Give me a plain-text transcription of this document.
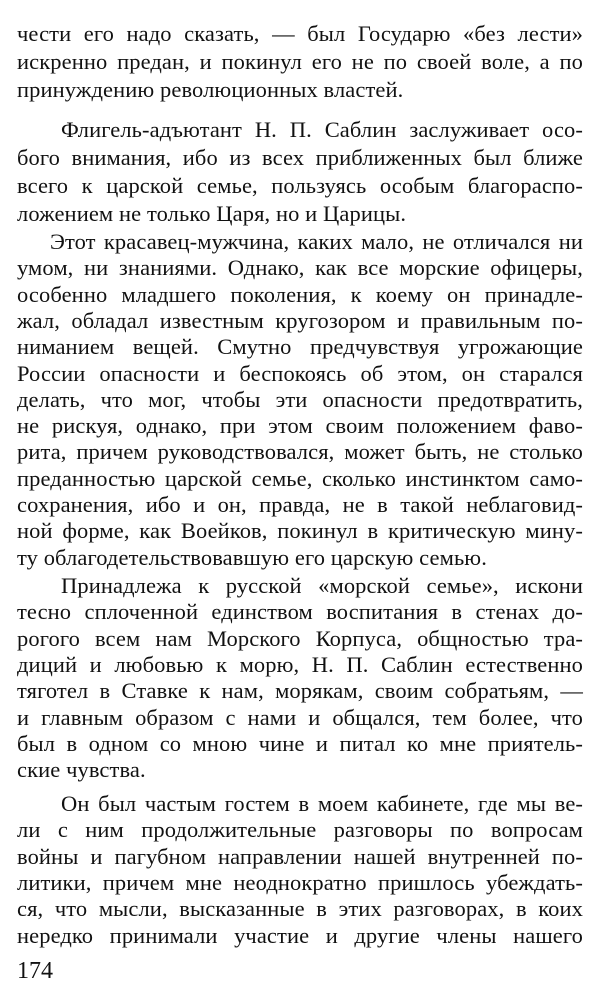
чести его надо сказать, — был Государю «без лести»
искренно предан, и покинул его не по своей воле, а по
принуждению революционных властей.
Флигель-адъютант Н. П. Саблин заслуживает осо-
бого внимания, ибо из всех приближенных был ближе
всего к царской семье, пользуясь особым благораспо-
ложением не только Царя, но и Царицы.
Этот красавец-мужчина, каких мало, не отличался ни
умом, ни знаниями. Однако, как все морские офицеры,
особенно младшего поколения, к коему он принадле-
жал, обладал известным кругозором и правильным по-
ниманием вещей. Смутно предчувствуя угрожающие
России опасности и беспокоясь об этом, он старался
делать, что мог, чтобы эти опасности предотвратить,
не рискуя, однако, при этом своим положением фаво-
рита, причем руководствовался, может быть, не столько
преданностью царской семье, сколько инстинктом само-
сохранения, ибо и он, правда, не в такой неблаговид-
ной форме, как Воейков, покинул в критическую мину-
ту облагодетельствовавшую его царскую семью.
Принадлежа к русской «морской семье», искони
тесно сплоченной единством воспитания в стенах до-
рогого всем нам Морского Корпуса, общностью тра-
диций и любовью к морю, Н. П. Саблин естественно
тяготел в Ставке к нам, морякам, своим собратьям, —
и главным образом с нами и общался, тем более, что
был в одном со мною чине и питал ко мне приятель-
ские чувства.
Он был частым гостем в моем кабинете, где мы ве-
ли с ним продолжительные разговоры по вопросам
войны и пагубном направлении нашей внутренней по-
литики, причем мне неоднократно пришлось убеждать-
ся, что мысли, высказанные в этих разговорах, в коих
нередко принимали участие и другие члены нашего
174
